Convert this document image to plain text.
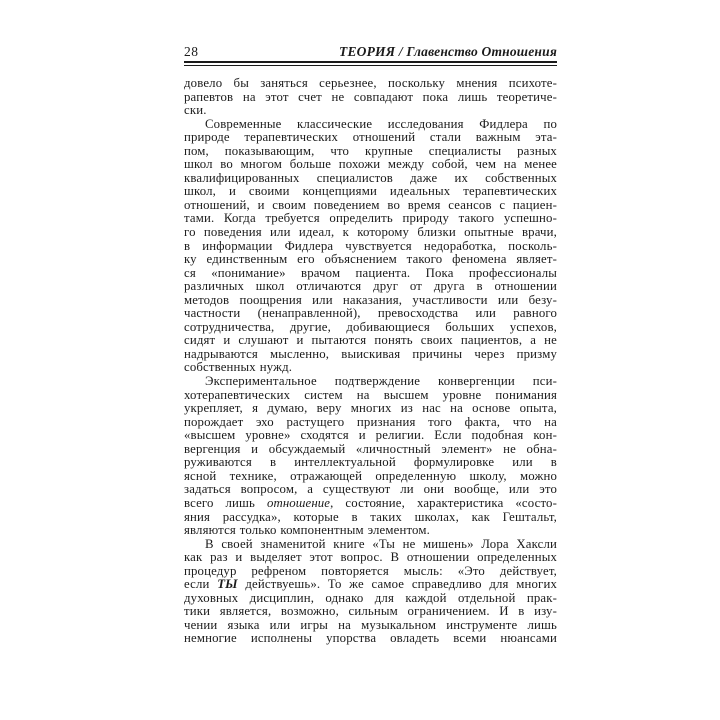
28	ТЕОРИЯ / Главенство Отношения
довело бы заняться серьезнее, поскольку мнения психоте-
рапевтов на этот счет не совпадают пока лишь теоретиче-
ски.
Современные классические исследования Фидлера по
природе терапевтических отношений стали важным эта-
пом, показывающим, что крупные специалисты разных
школ во многом больше похожи между собой, чем на менее
квалифицированных специалистов даже их собственных
школ, и своими концепциями идеальных терапевтических
отношений, и своим поведением во время сеансов с пациен-
тами. Когда требуется определить природу такого успешно-
го поведения или идеал, к которому близки опытные врачи,
в информации Фидлера чувствуется недоработка, посколь-
ку единственным его объяснением такого феномена являет-
ся «понимание» врачом пациента. Пока профессионалы
различных школ отличаются друг от друга в отношении
методов поощрения или наказания, участливости или безу-
частности (ненаправленной), превосходства или равного
сотрудничества, другие, добивающиеся больших успехов,
сидят и слушают и пытаются понять своих пациентов, а не
надрываются мысленно, выискивая причины через призму
собственных нужд.
Экспериментальное подтверждение конвергенции пси-
хотерапевтических систем на высшем уровне понимания
укрепляет, я думаю, веру многих из нас на основе опыта,
порождает эхо растущего признания того факта, что на
«высшем уровне» сходятся и религии. Если подобная кон-
вергенция и обсуждаемый «личностный элемент» не обна-
руживаются в интеллектуальной формулировке или в
ясной технике, отражающей определенную школу, можно
задаться вопросом, а существуют ли они вообще, или это
всего лишь отношение, состояние, характеристика «состо-
яния рассудка», которые в таких школах, как Гештальт,
являются только компонентным элементом.
В своей знаменитой книге «Ты не мишень» Лора Хаксли
как раз и выделяет этот вопрос. В отношении определенных
процедур рефреном повторяется мысль: «Это действует,
если ТЫ действуешь». То же самое справедливо для многих
духовных дисциплин, однако для каждой отдельной прак-
тики является, возможно, сильным ограничением. И в изу-
чении языка или игры на музыкальном инструменте лишь
немногие исполнены упорства овладеть всеми нюансами
